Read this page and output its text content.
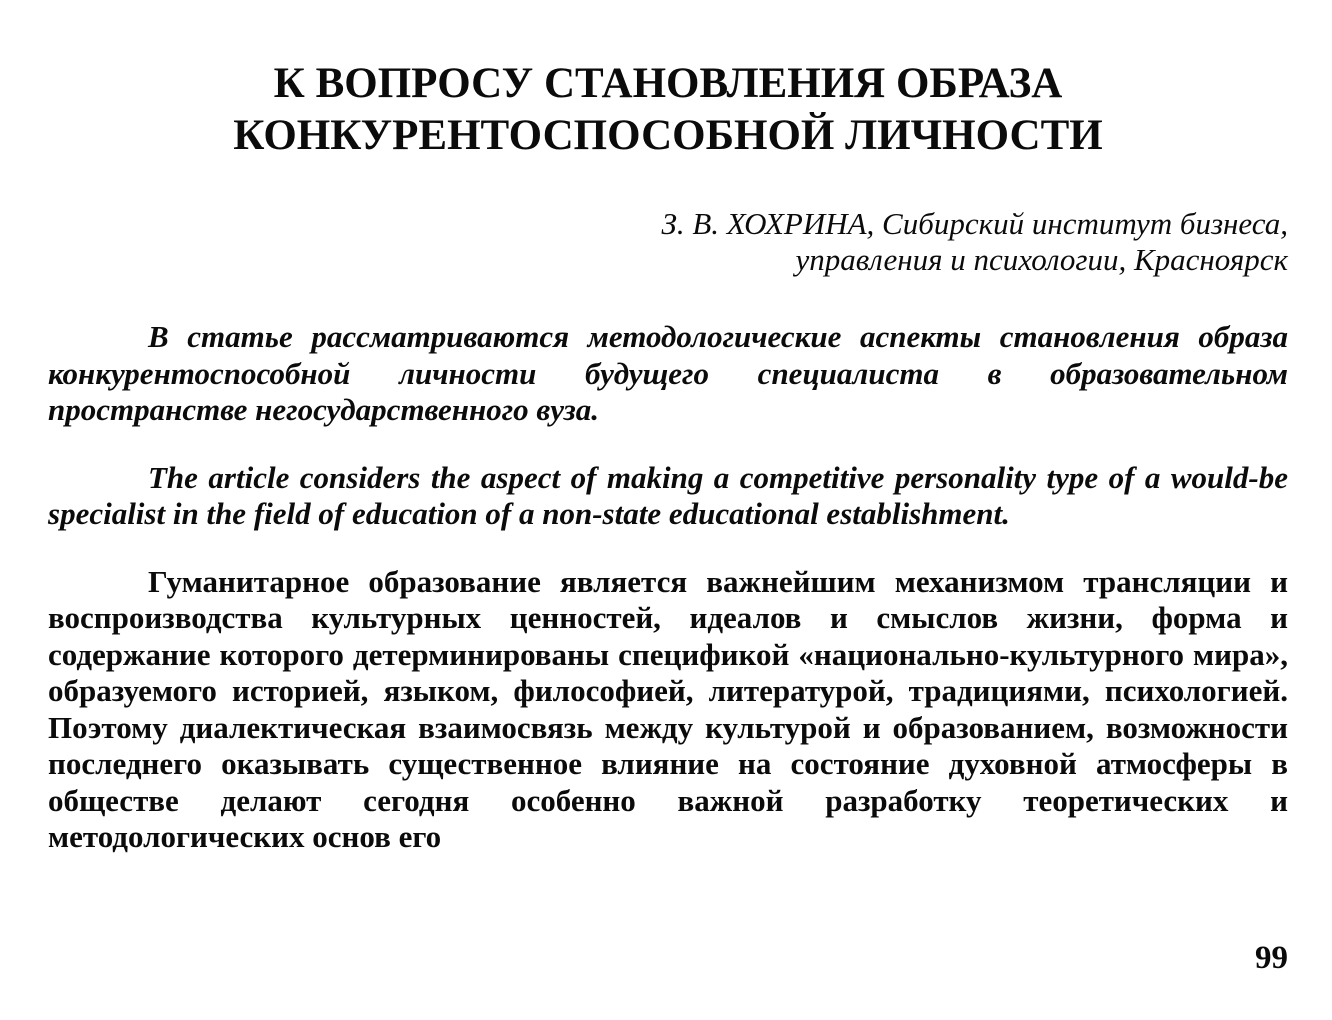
К ВОПРОСУ СТАНОВЛЕНИЯ ОБРАЗА
КОНКУРЕНТОСПОСОБНОЙ ЛИЧНОСТИ
З. В. ХОХРИНА, Сибирский институт бизнеса,
управления и психологии, Красноярск

В статье рассматриваются методологические аспекты становления образа конкурентоспособной личности будущего специалиста в образовательном пространстве негосударственного вуза.

The article considers the aspect of making a competitive personality type of a would-be specialist in the field of education of a non-state educational establishment.

Гуманитарное образование является важнейшим механизмом трансляции и воспроизводства культурных ценностей, идеалов и смыслов жизни, форма и содержание которого детерминированы спецификой «национально-культурного мира», образуемого историей, языком, философией, литературой, традициями, психологией. Поэтому диалектическая взаимосвязь между культурой и образованием, возможности последнего оказывать существенное влияние на состояние духовной атмосферы в обществе делают сегодня особенно важной разработку теоретических и методологических основ его

99
